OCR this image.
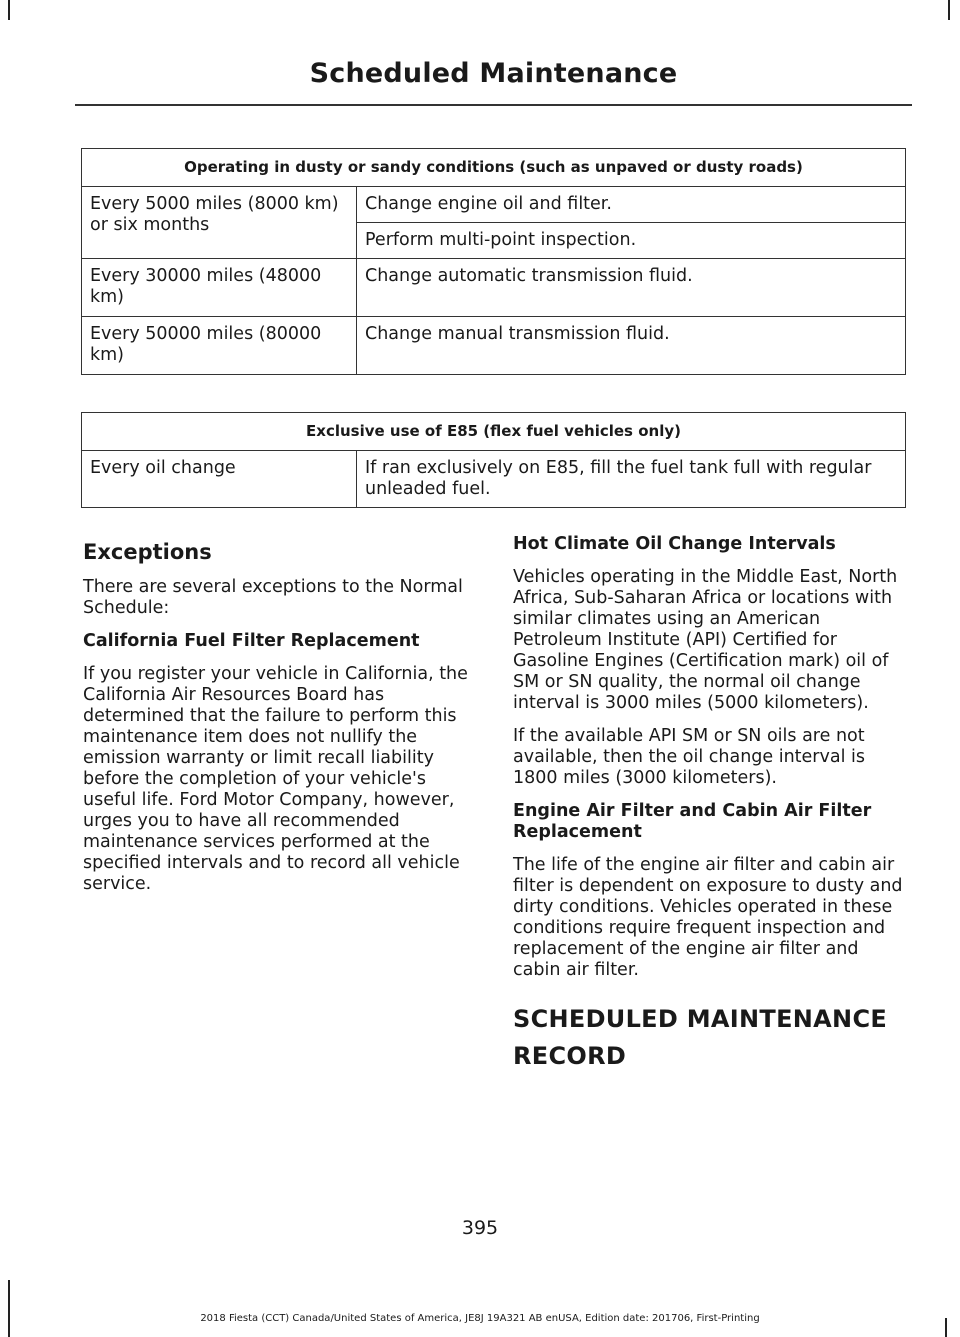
Scheduled Maintenance
Operating in dusty or sandy conditions (such as unpaved or dusty roads)	
Every 5000 miles (8000 km) or six months	Change engine oil and filter.
	Perform multi-point inspection.
Every 30000 miles (48000 km)	Change automatic transmission fluid.
Every 50000 miles (80000 km)	Change manual transmission fluid.
Exclusive use of E85 (flex fuel vehicles only)
Every oil change	If ran exclusively on E85, fill the fuel tank full with regular unleaded fuel.
Exceptions

There are several exceptions to the Normal Schedule:

California Fuel Filter Replacement

If you register your vehicle in California, the California Air Resources Board has determined that the failure to perform this maintenance item does not nullify the emission warranty or limit recall liability before the completion of your vehicle's useful life. Ford Motor Company, however, urges you to have all recommended maintenance services performed at the specified intervals and to record all vehicle service.

Hot Climate Oil Change Intervals

Vehicles operating in the Middle East, North Africa, Sub-Saharan Africa or locations with similar climates using an American Petroleum Institute (API) Certified for Gasoline Engines (Certification mark) oil of SM or SN quality, the normal oil change interval is 3000 miles (5000 kilometers).

If the available API SM or SN oils are not available, then the oil change interval is 1800 miles (3000 kilometers).

Engine Air Filter and Cabin Air Filter Replacement

The life of the engine air filter and cabin air filter is dependent on exposure to dusty and dirty conditions. Vehicles operated in these conditions require frequent inspection and replacement of the engine air filter and cabin air filter.

SCHEDULED MAINTENANCE
RECORD
395
2018 Fiesta (CCT) Canada/United States of America, JE8J 19A321 AB enUSA, Edition date: 201706, First-Printing
